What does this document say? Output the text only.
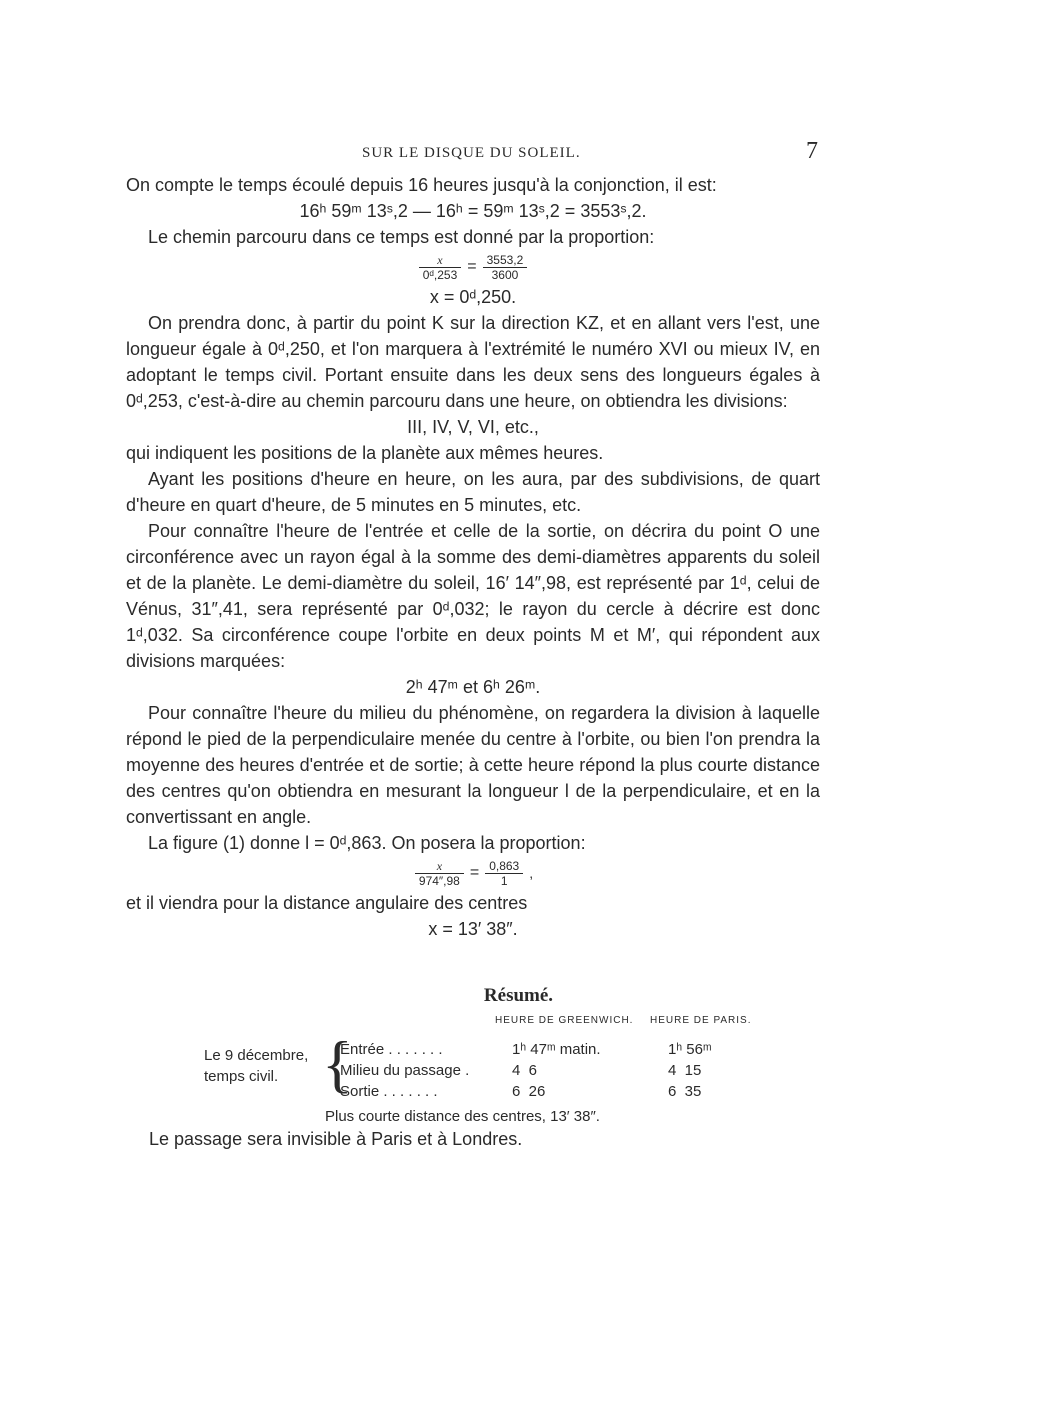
SUR LE DISQUE DU SOLEIL.	7

On compte le temps écoulé depuis 16 heures jusqu'à la conjonction, il est:

16ʰ 59ᵐ 13ˢ,2 — 16ʰ = 59ᵐ 13ˢ,2 = 3553ˢ,2.

Le chemin parcouru dans ce temps est donné par la proportion:

$\frac{x}{\text{0ᵈ,253}} = \frac{3553,2}{3600}$

x = 0ᵈ,250.

On prendra donc, à partir du point K sur la direction KZ, et en allant vers l'est, une longueur égale à 0ᵈ,250, et l'on marquera à l'extrémité le numéro XVI ou mieux IV, en adoptant le temps civil. Portant ensuite dans les deux sens des longueurs égales à 0ᵈ,253, c'est-à-dire au chemin parcouru dans une heure, on obtiendra les divisions:

III, IV, V, VI, etc.,

qui indiquent les positions de la planète aux mêmes heures.

Ayant les positions d'heure en heure, on les aura, par des subdivisions, de quart d'heure en quart d'heure, de 5 minutes en 5 minutes, etc.

Pour connaître l'heure de l'entrée et celle de la sortie, on décrira du point O une circonférence avec un rayon égal à la somme des demi-diamètres apparents du soleil et de la planète. Le demi-diamètre du soleil, 16′ 14″,98, est représenté par 1ᵈ, celui de Vénus, 31″,41, sera représenté par 0ᵈ,032; le rayon du cercle à décrire est donc 1ᵈ,032. Sa circonférence coupe l'orbite en deux points M et M′, qui répondent aux divisions marquées:

2ʰ 47ᵐ et 6ʰ 26ᵐ.

Pour connaître l'heure du milieu du phénomène, on regardera la division à laquelle répond le pied de la perpendiculaire menée du centre à l'orbite, ou bien l'on prendra la moyenne des heures d'entrée et de sortie; à cette heure répond la plus courte distance des centres qu'on obtiendra en mesurant la longueur l de la perpendiculaire, et en la convertissant en angle.

La figure (1) donne l = 0ᵈ,863. On posera la proportion:

$\frac{x}{974'',98} = \frac{0,863}{1}$ ,

et il viendra pour la distance angulaire des centres

x = 13′ 38″.

Résumé.
HEURE DE GREENWICH. HEURE DE PARIS.
Le 9 décembre,
temps civil. {
Entrée . . . . . . .	1ʰ 47ᵐ matin.	1ʰ 56ᵐ
Milieu du passage .	4  6	4  15
Sortie . . . . . . .	6  26	6  35
Plus courte distance des centres, 13′ 38″.
Le passage sera invisible à Paris et à Londres.
